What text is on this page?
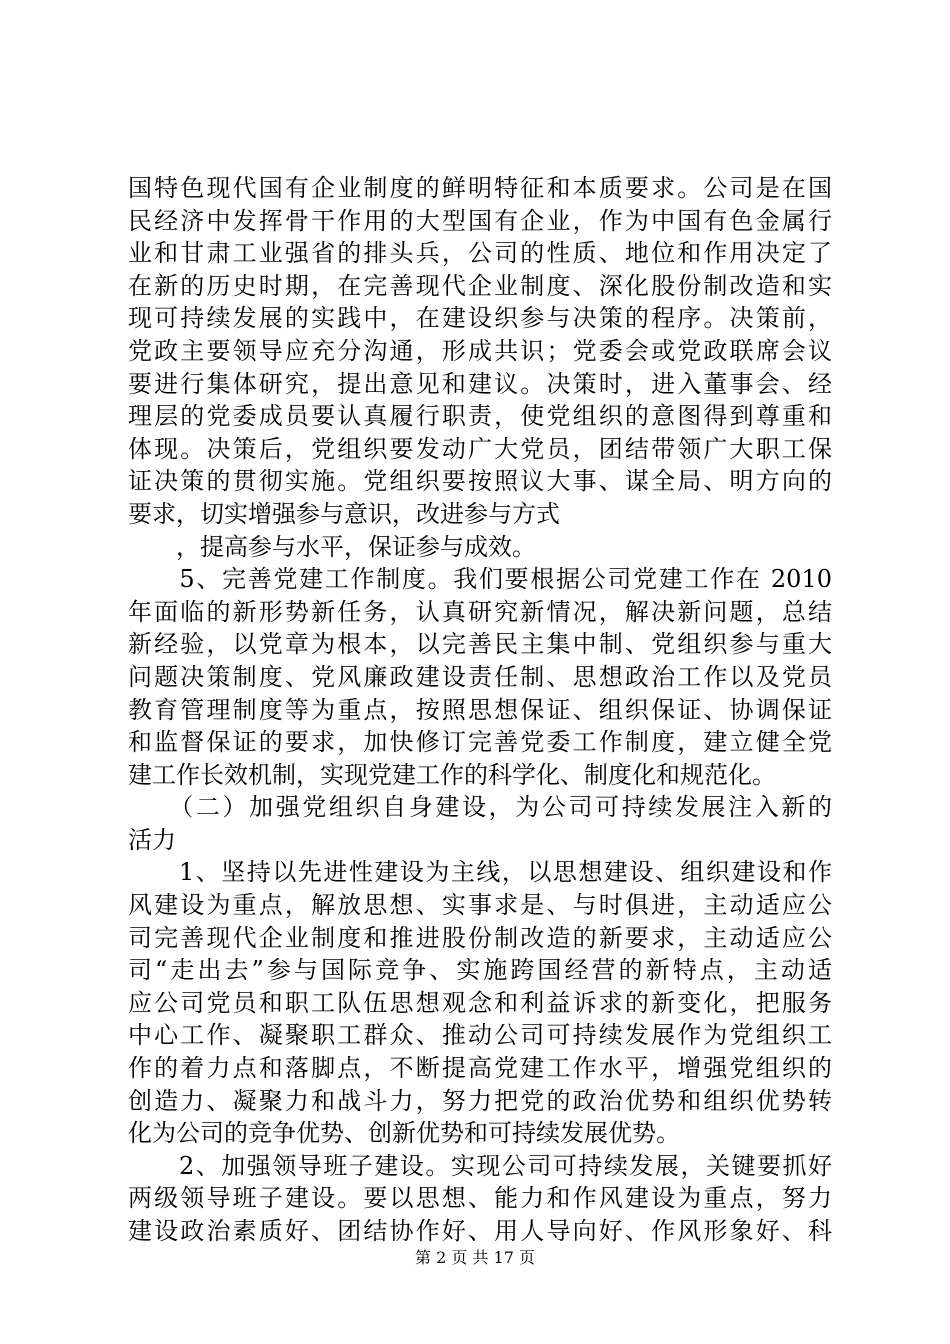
国特色现代国有企业制度的鲜明特征和本质要求。公司是在国
民经济中发挥骨干作用的大型国有企业，作为中国有色金属行
业和甘肃工业强省的排头兵，公司的性质、地位和作用决定了
在新的历史时期，在完善现代企业制度、深化股份制改造和实
现可持续发展的实践中，在建设织参与决策的程序。决策前，
党政主要领导应充分沟通，形成共识；党委会或党政联席会议
要进行集体研究，提出意见和建议。决策时，进入董事会、经
理层的党委成员要认真履行职责，使党组织的意图得到尊重和
体现。决策后，党组织要发动广大党员，团结带领广大职工保
证决策的贯彻实施。党组织要按照议大事、谋全局、明方向的
要求，切实增强参与意识，改进参与方式
　　，提高参与水平，保证参与成效。
　　5、完善党建工作制度。我们要根据公司党建工作在 2010
年面临的新形势新任务，认真研究新情况，解决新问题，总结
新经验，以党章为根本，以完善民主集中制、党组织参与重大
问题决策制度、党风廉政建设责任制、思想政治工作以及党员
教育管理制度等为重点，按照思想保证、组织保证、协调保证
和监督保证的要求，加快修订完善党委工作制度，建立健全党
建工作长效机制，实现党建工作的科学化、制度化和规范化。
　　（二）加强党组织自身建设，为公司可持续发展注入新的
活力
　　1、坚持以先进性建设为主线，以思想建设、组织建设和作
风建设为重点，解放思想、实事求是、与时俱进，主动适应公
司完善现代企业制度和推进股份制改造的新要求，主动适应公
司“走出去”参与国际竞争、实施跨国经营的新特点，主动适
应公司党员和职工队伍思想观念和利益诉求的新变化，把服务
中心工作、凝聚职工群众、推动公司可持续发展作为党组织工
作的着力点和落脚点，不断提高党建工作水平，增强党组织的
创造力、凝聚力和战斗力，努力把党的政治优势和组织优势转
化为公司的竞争优势、创新优势和可持续发展优势。
　　2、加强领导班子建设。实现公司可持续发展，关键要抓好
两级领导班子建设。要以思想、能力和作风建设为重点，努力
建设政治素质好、团结协作好、用人导向好、作风形象好、科
第 2 页 共 17 页
